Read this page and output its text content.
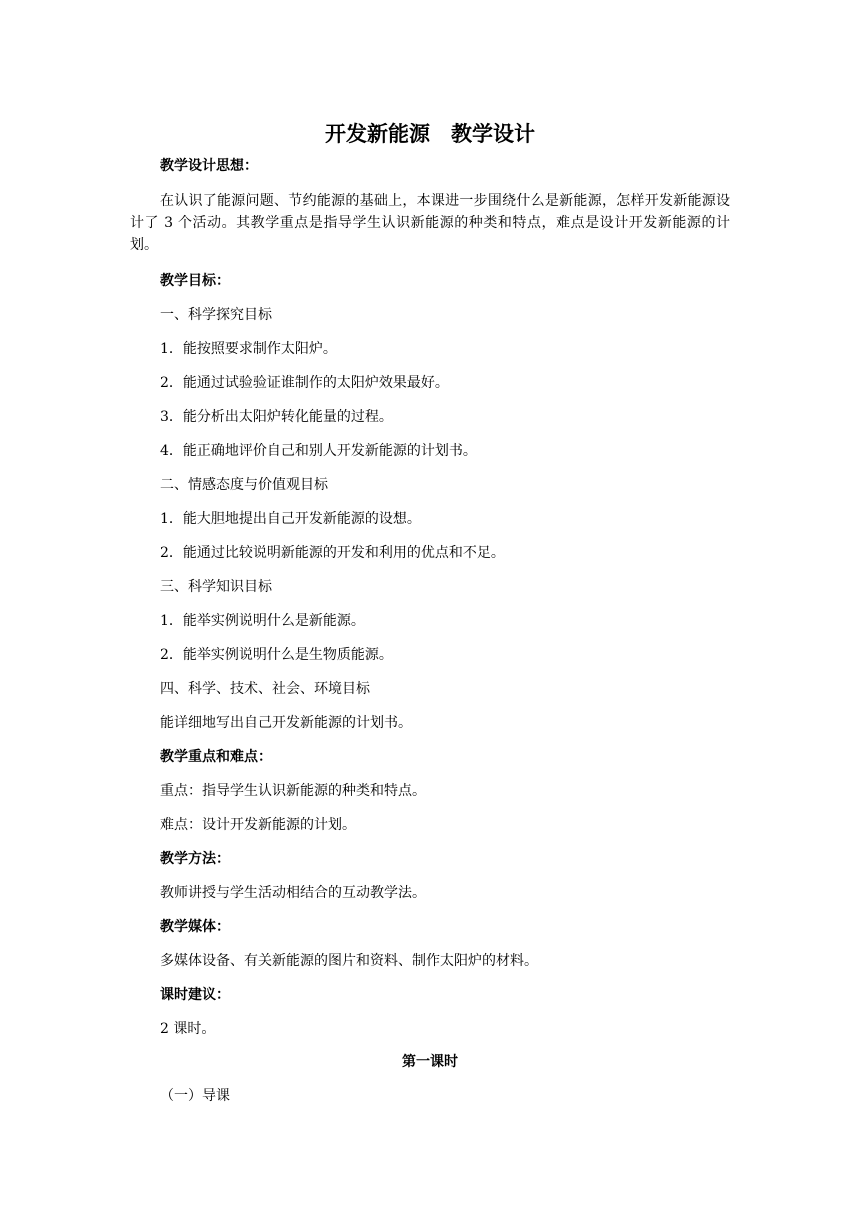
开发新能源　教学设计
教学设计思想：

在认识了能源问题、节约能源的基础上，本课进一步围绕什么是新能源，怎样开发新能源设计了 3 个活动。其教学重点是指导学生认识新能源的种类和特点，难点是设计开发新能源的计划。

教学目标：
一、科学探究目标
1．能按照要求制作太阳炉。
2．能通过试验验证谁制作的太阳炉效果最好。
3．能分析出太阳炉转化能量的过程。
4．能正确地评价自己和别人开发新能源的计划书。
二、情感态度与价值观目标
1．能大胆地提出自己开发新能源的设想。
2．能通过比较说明新能源的开发和利用的优点和不足。
三、科学知识目标
1．能举实例说明什么是新能源。
2．能举实例说明什么是生物质能源。
四、科学、技术、社会、环境目标
能详细地写出自己开发新能源的计划书。
教学重点和难点：
重点：指导学生认识新能源的种类和特点。
难点：设计开发新能源的计划。
教学方法：
教师讲授与学生活动相结合的互动教学法。
教学媒体：
多媒体设备、有关新能源的图片和资料、制作太阳炉的材料。
课时建议：
2 课时。
第一课时
（一）导课
